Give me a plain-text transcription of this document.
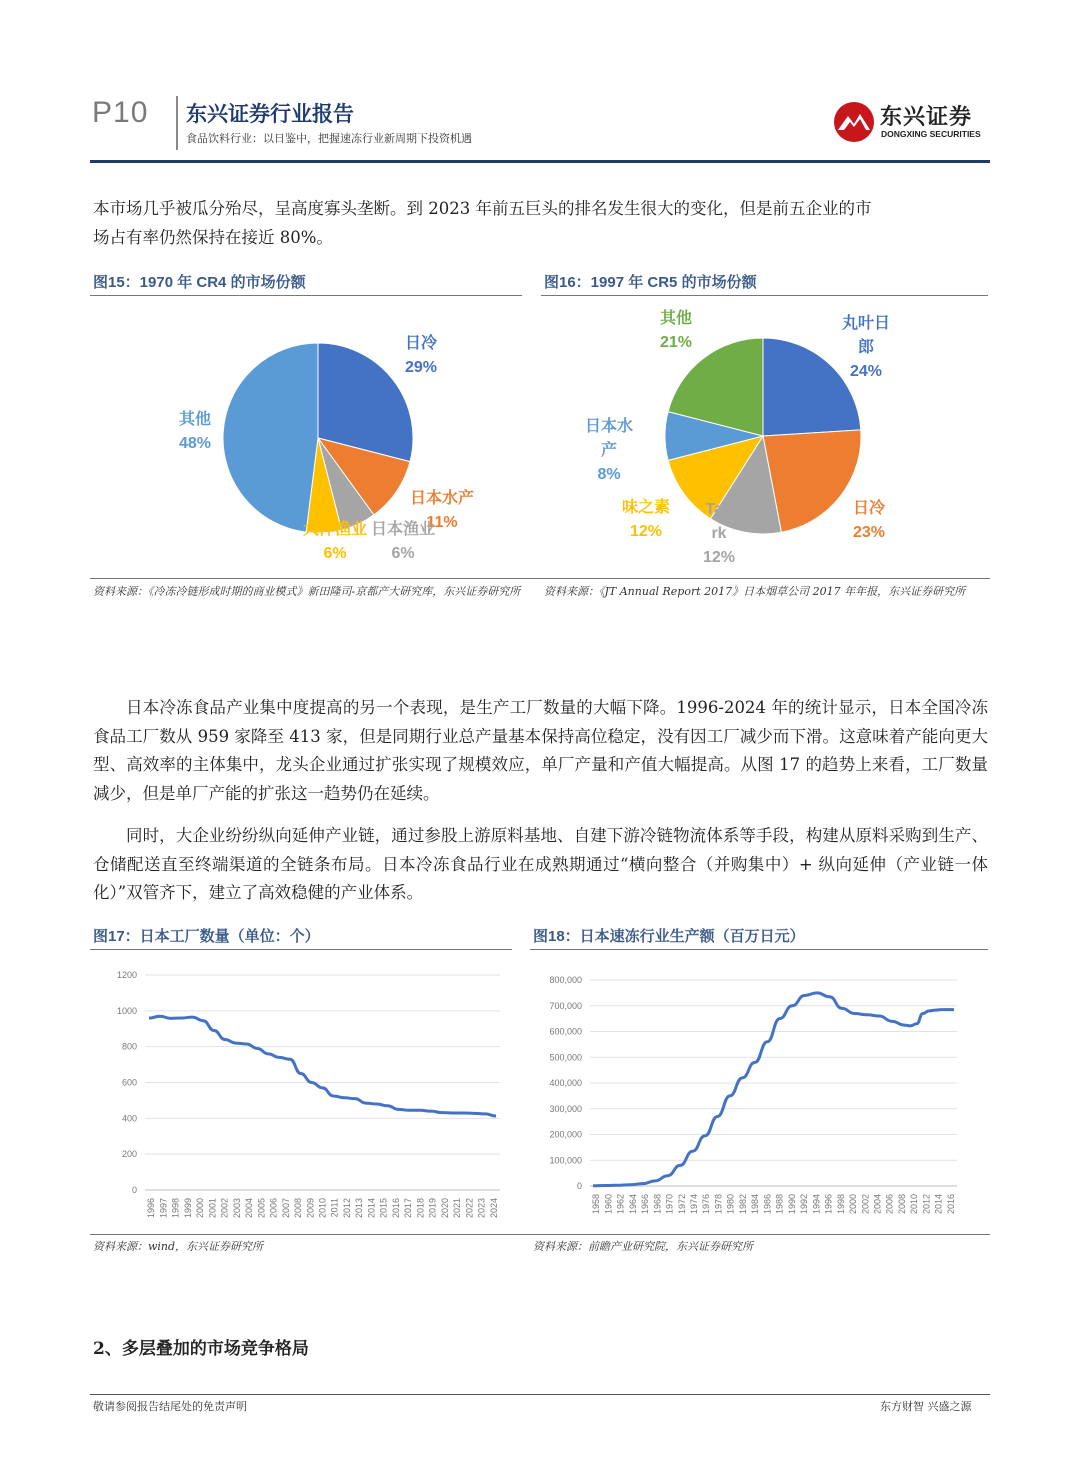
P10 东兴证券行业报告
食品饮料行业：以日鉴中，把握速冻行业新周期下投资机遇
东兴证券
DONGXING SECURITIES
本市场几乎被瓜分殆尽，呈高度寡头垄断。到 2023 年前五巨头的排名发生很大的变化，但是前五企业的市
场占有率仍然保持在接近 80%。
图15：1970 年 CR4 的市场份额	图16：1997 年 CR5 的市场份额
日冷
29%
日本水产
11%
日本渔业
6%
大洋渔业
6%
其他
48%
丸叶日
郎
24%
日冷
23%
Tab
rk
12%
味之素
12%
日本水
产
8%
其他
21%
资料来源：《冷冻冷链形成时期的商业模式》新田隆司-京都产大研究库，东兴证券研究所 资料来源：《JT Annual Report 2017》日本烟草公司 2017 年年报，东兴证券研究所
日本冷冻食品产业集中度提高的另一个表现，是生产工厂数量的大幅下降。1996-2024 年的统计显示，日本全国冷冻食品工厂数从 959 家降至 413 家，但是同期行业总产量基本保持高位稳定，没有因工厂减少而下滑。这意味着产能向更大型、高效率的主体集中，龙头企业通过扩张实现了规模效应，单厂产量和产值大幅提高。从图 17 的趋势上来看，工厂数量减少，但是单厂产能的扩张这一趋势仍在延续。
同时，大企业纷纷纵向延伸产业链，通过参股上游原料基地、自建下游冷链物流体系等手段，构建从原料采购到生产、仓储配送直至终端渠道的全链条布局。日本冷冻食品行业在成熟期通过“横向整合（并购集中）+ 纵向延伸（产业链一体化）”双管齐下，建立了高效稳健的产业体系。
图17：日本工厂数量（单位：个）	图18：日本速冻行业生产额（百万日元）
0
200
400
600
800
1000
1200
1996 1997 1998 1999 2000 2001 2002 2003 2004 2005 2006 2007 2008 2009 2010 2011 2012 2013 2014 2015 2016 2017 2018 2019 2020 2021 2022 2023 2024
0
100,000
200,000
300,000
400,000
500,000
600,000
700,000
800,000
1958 1960 1962 1964 1966 1968 1970 1972 1974 1976 1978 1980 1982 1984 1986 1988 1990 1992 1994 1996 1998 2000 2002 2004 2006 2008 2010 2012 2014 2016
资料来源：wind，东兴证券研究所	资料来源：前瞻产业研究院，东兴证券研究所
2、多层叠加的市场竞争格局
敬请参阅报告结尾处的免责声明	东方财智 兴盛之源
